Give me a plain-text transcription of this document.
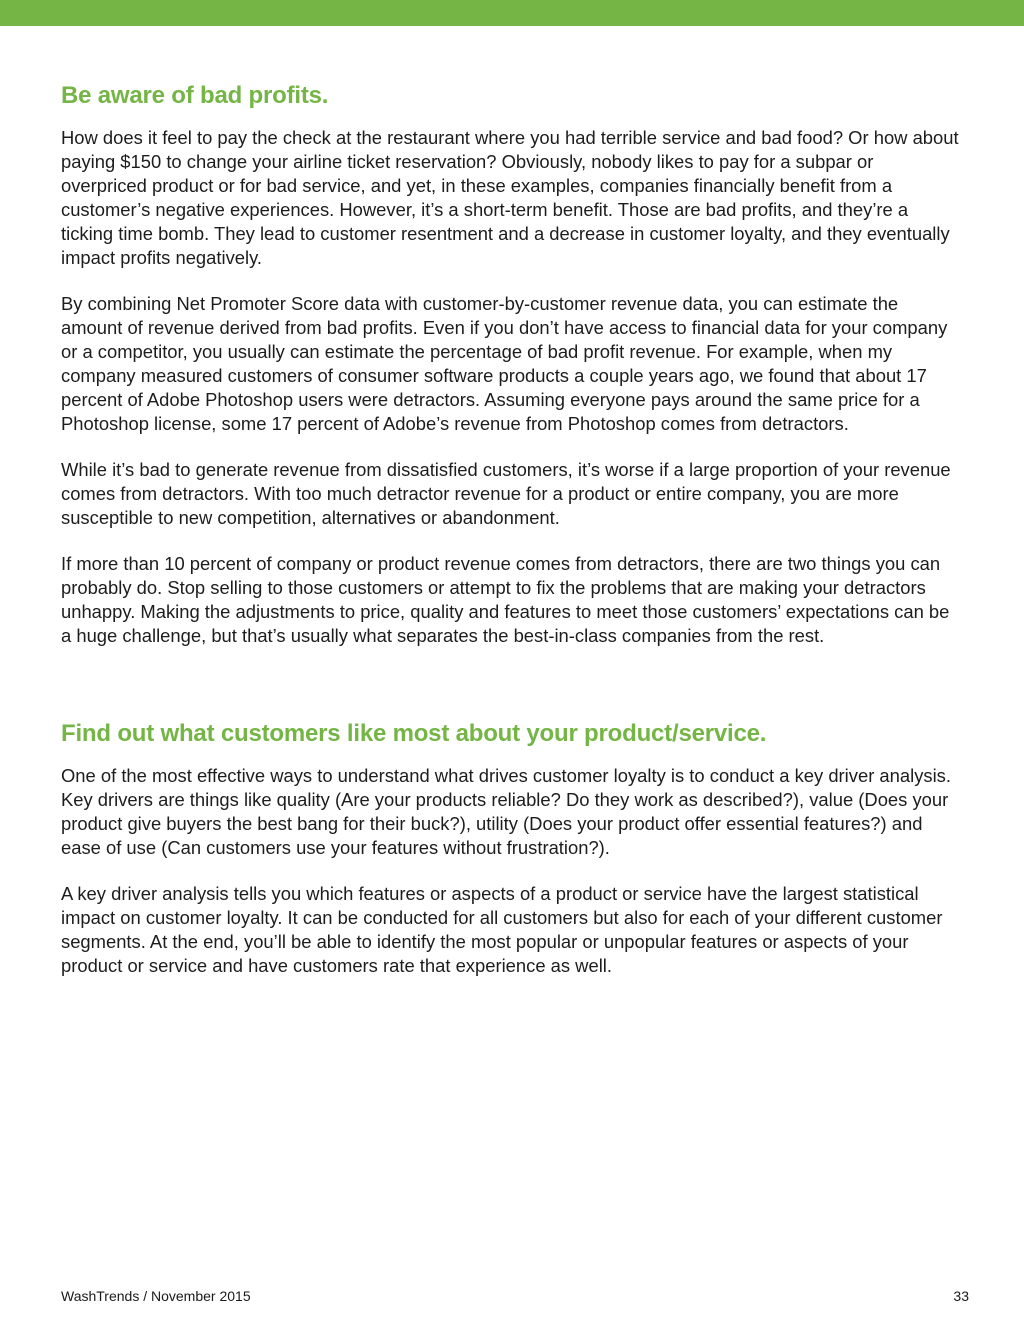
Be aware of bad profits.

How does it feel to pay the check at the restaurant where you had terrible service and bad food? Or how about paying $150 to change your airline ticket reservation? Obviously, nobody likes to pay for a subpar or overpriced product or for bad service, and yet, in these examples, companies financially benefit from a customer’s negative experiences. However, it’s a short-term benefit. Those are bad profits, and they’re a ticking time bomb. They lead to customer resentment and a decrease in customer loyalty, and they eventually impact profits negatively.

By combining Net Promoter Score data with customer-by-customer revenue data, you can estimate the amount of revenue derived from bad profits. Even if you don’t have access to financial data for your company or a competitor, you usually can estimate the percentage of bad profit revenue. For example, when my company measured customers of consumer software products a couple years ago, we found that about 17 percent of Adobe Photoshop users were detractors. Assuming everyone pays around the same price for a Photoshop license, some 17 percent of Adobe’s revenue from Photoshop comes from detractors.

While it’s bad to generate revenue from dissatisfied customers, it’s worse if a large proportion of your revenue comes from detractors. With too much detractor revenue for a product or entire company, you are more susceptible to new competition, alternatives or abandonment.

If more than 10 percent of company or product revenue comes from detractors, there are two things you can probably do. Stop selling to those customers or attempt to fix the problems that are making your detractors unhappy. Making the adjustments to price, quality and features to meet those customers’ expectations can be a huge challenge, but that’s usually what separates the best-in-class companies from the rest.

Find out what customers like most about your product/service.

One of the most effective ways to understand what drives customer loyalty is to conduct a key driver analysis. Key drivers are things like quality (Are your products reliable? Do they work as described?), value (Does your product give buyers the best bang for their buck?), utility (Does your product offer essential features?) and ease of use (Can customers use your features without frustration?).

A key driver analysis tells you which features or aspects of a product or service have the largest statistical impact on customer loyalty. It can be conducted for all customers but also for each of your different customer segments. At the end, you’ll be able to identify the most popular or unpopular features or aspects of your product or service and have customers rate that experience as well.

WashTrends / November 2015	33
